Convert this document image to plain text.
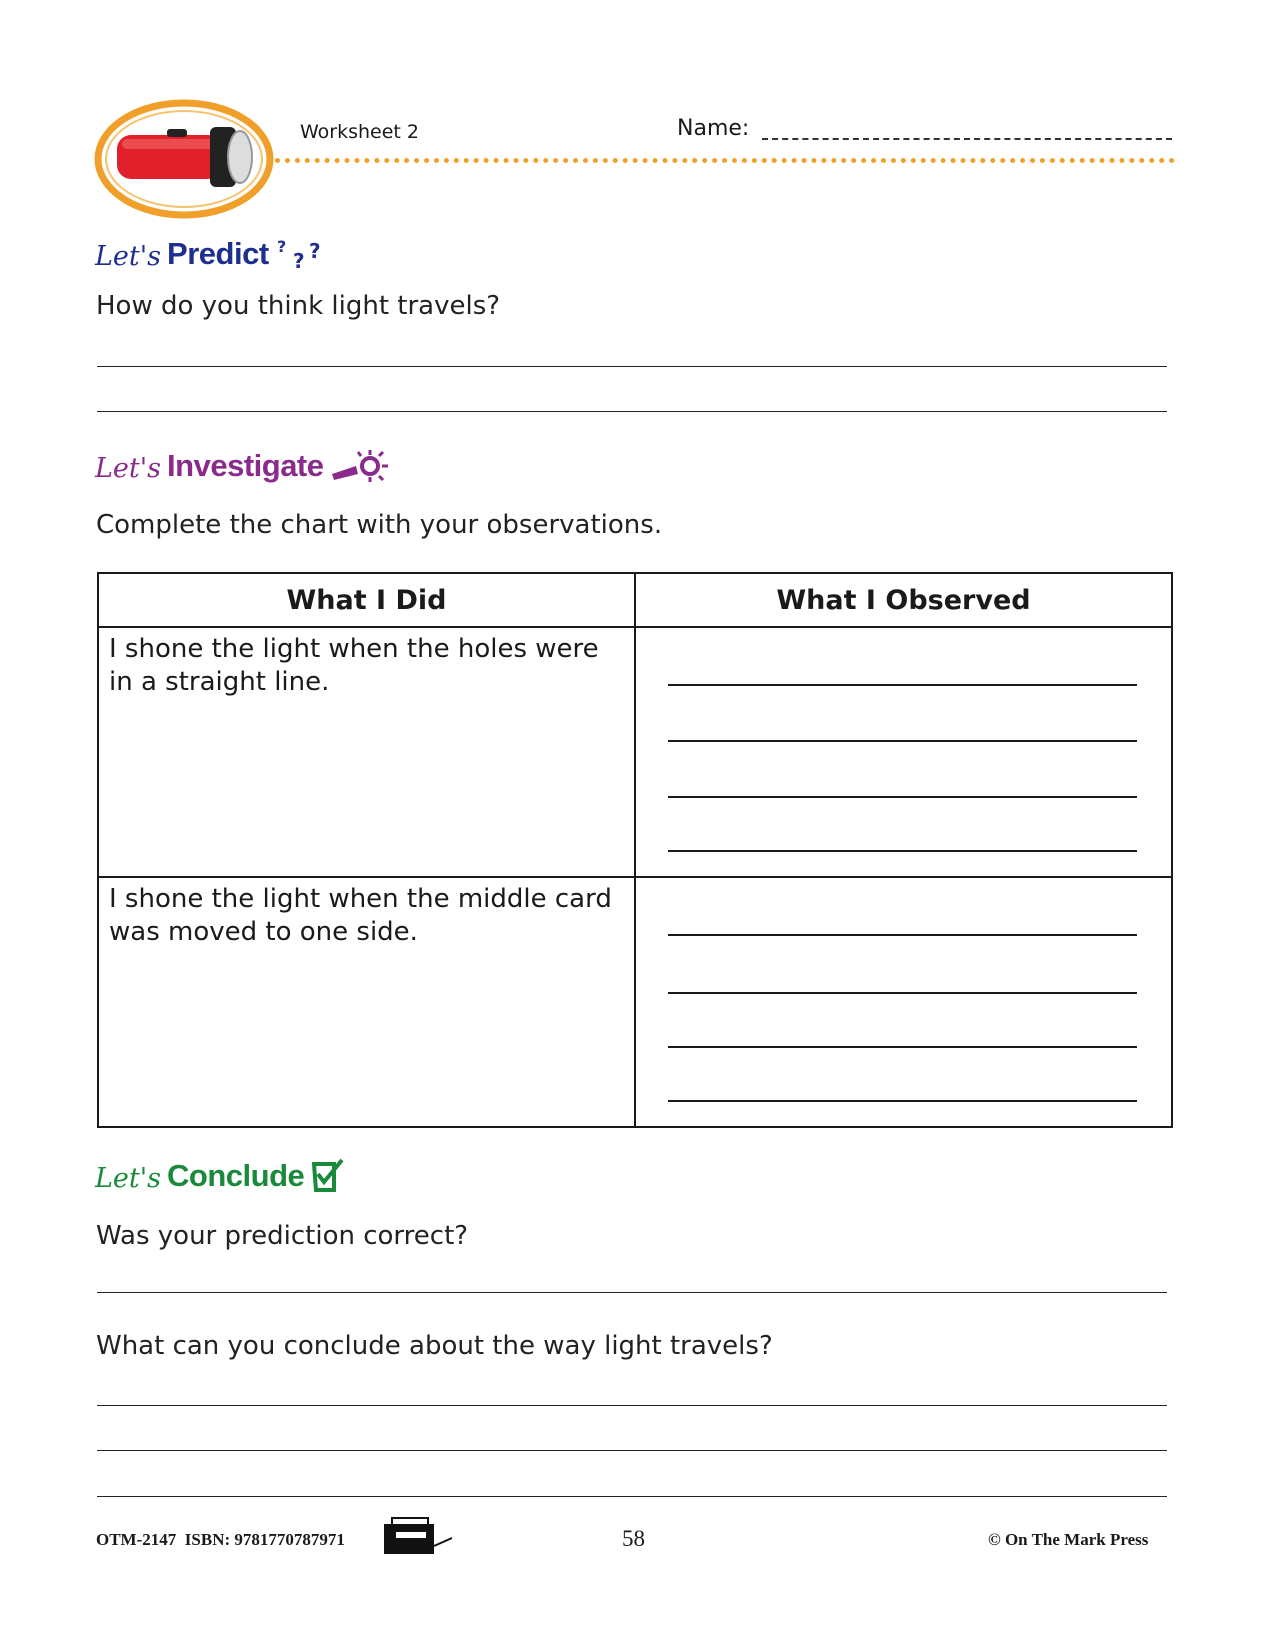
Worksheet 2	Name:
Let's Predict ?
? ?
How do you think light travels?
Let's Investigate
Complete the chart with your observations.
What I Did	What I Observed

I shone the light when the holes were in a straight line.	

I shone the light when the middle card was moved to one side.	

Let's Conclude
Was your prediction correct?
What can you conclude about the way light travels?
OTM-2147 ISBN: 9781770787971	58	© On The Mark Press
